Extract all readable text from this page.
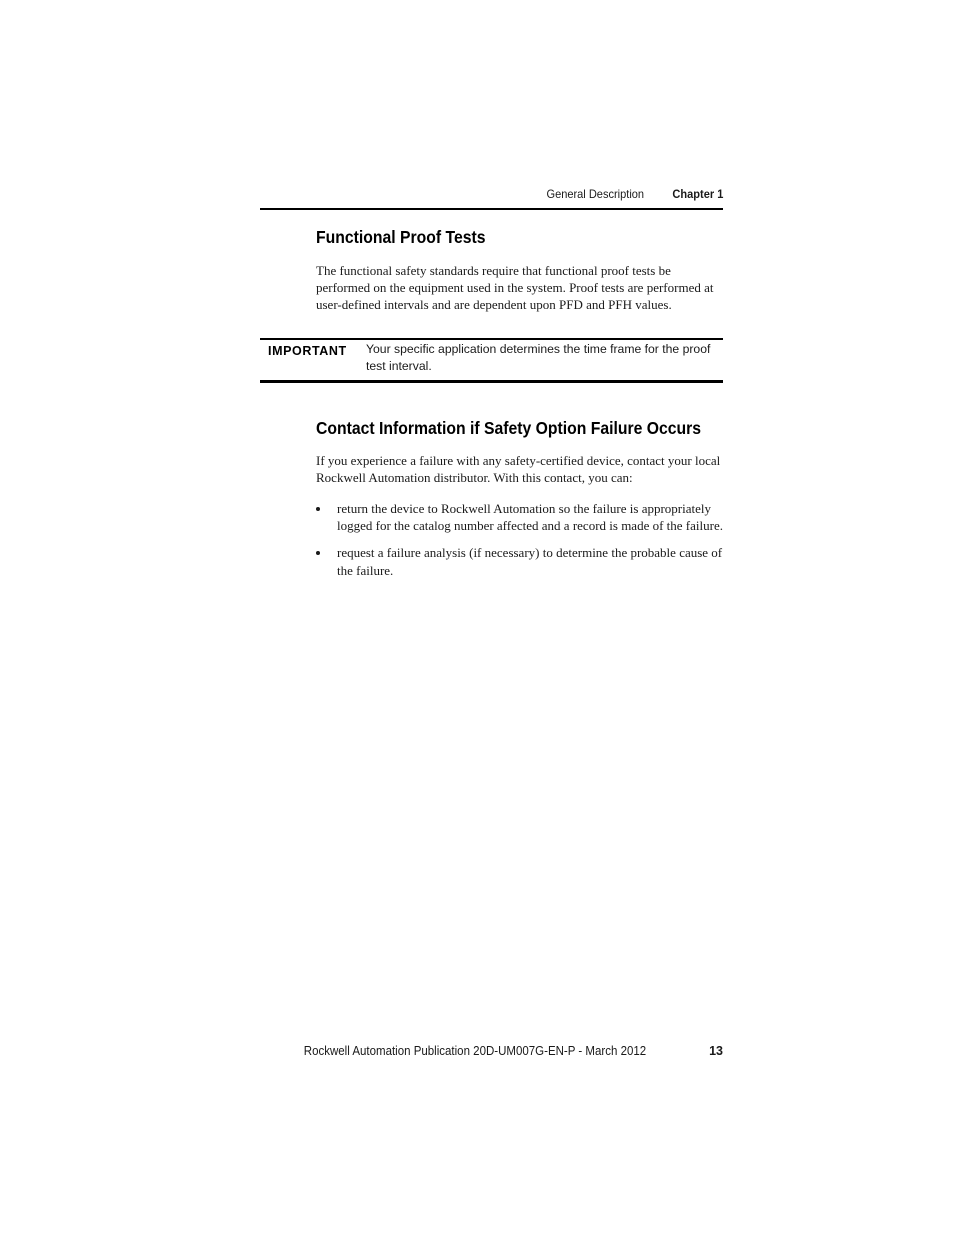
General Description Chapter 1
Functional Proof Tests

The functional safety standards require that functional proof tests be performed on the equipment used in the system. Proof tests are performed at user-defined intervals and are dependent upon PFD and PFH values.

IMPORTANT Your specific application determines the time frame for the proof test interval.

Contact Information if Safety Option Failure Occurs

If you experience a failure with any safety-certified device, contact your local Rockwell Automation distributor. With this contact, you can:

return the device to Rockwell Automation so the failure is appropriately logged for the catalog number affected and a record is made of the failure.
request a failure analysis (if necessary) to determine the probable cause of the failure.
Rockwell Automation Publication 20D-UM007G-EN-P - March 2012	13
